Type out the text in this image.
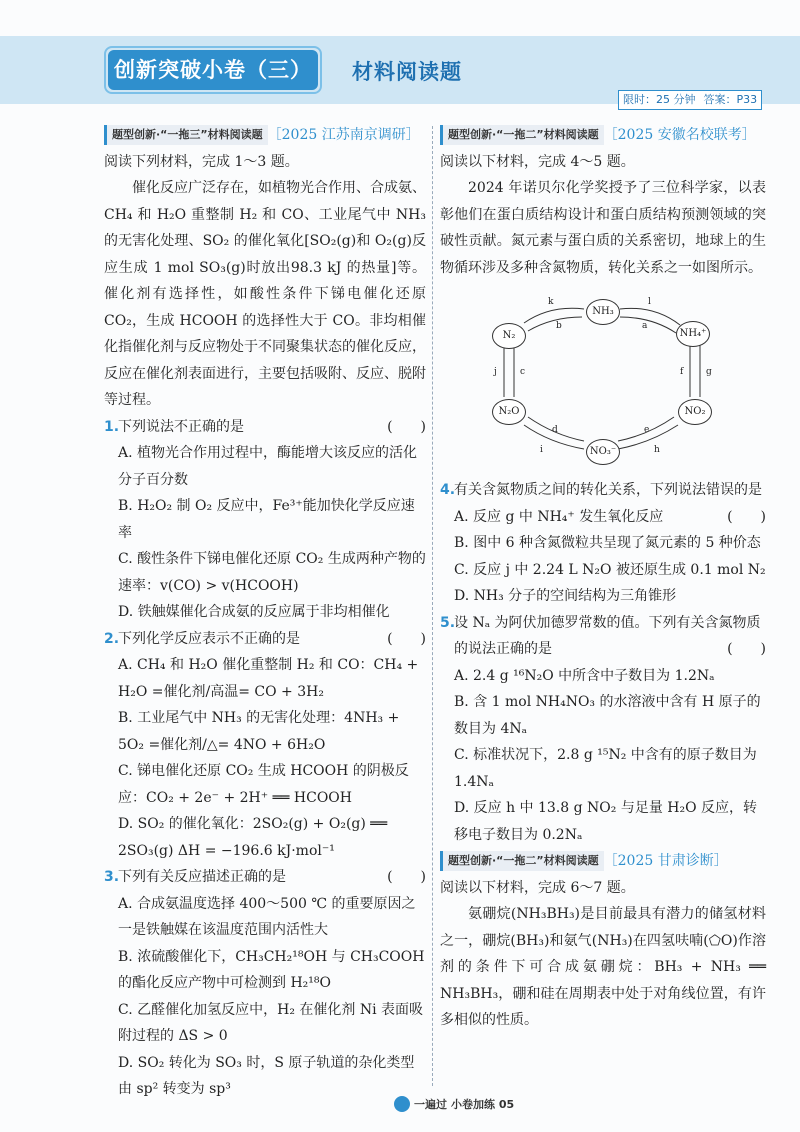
创新突破小卷（三） 材料阅读题
限时：25 分钟 答案：P33
题型创新·“一拖三”材料阅读题 ［2025 江苏南京调研］
阅读下列材料，完成 1～3 题。

催化反应广泛存在，如植物光合作用、合成氨、CH₄ 和 H₂O 重整制 H₂ 和 CO、工业尾气中 NH₃ 的无害化处理、SO₂ 的催化氧化[SO₂(g)和 O₂(g)反应生成 1 mol SO₃(g)时放出98.3 kJ 的热量]等。催化剂有选择性，如酸性条件下锑电催化还原 CO₂，生成 HCOOH 的选择性大于 CO。非均相催化指催化剂与反应物处于不同聚集状态的催化反应，反应在催化剂表面进行，主要包括吸附、反应、脱附等过程。

1.
下列说法不正确的是	(　　)

A. 植物光合作用过程中，酶能增大该反应的活化分子百分数

B. H₂O₂ 制 O₂ 反应中，Fe³⁺能加快化学反应速率

C. 酸性条件下锑电催化还原 CO₂ 生成两种产物的速率：v(CO) > v(HCOOH)

D. 铁触媒催化合成氨的反应属于非均相催化

2.
下列化学反应表示不正确的是	(　　)

A. CH₄ 和 H₂O 催化重整制 H₂ 和 CO：CH₄ + H₂O =催化剂/高温= CO + 3H₂

B. 工业尾气中 NH₃ 的无害化处理：4NH₃ + 5O₂ =催化剂/△= 4NO + 6H₂O

C. 锑电催化还原 CO₂ 生成 HCOOH 的阴极反应：CO₂ + 2e⁻ + 2H⁺ ══ HCOOH

D. SO₂ 的催化氧化：2SO₂(g) + O₂(g) ══ 2SO₃(g) ΔH = −196.6 kJ·mol⁻¹

3.
下列有关反应描述正确的是	(　　)

A. 合成氨温度选择 400～500 ℃ 的重要原因之一是铁触媒在该温度范围内活性大

B. 浓硫酸催化下，CH₃CH₂¹⁸OH 与 CH₃COOH 的酯化反应产物中可检测到 H₂¹⁸O

C. 乙醛催化加氢反应中，H₂ 在催化剂 Ni 表面吸附过程的 ΔS > 0

D. SO₂ 转化为 SO₃ 时，S 原子轨道的杂化类型由 sp² 转变为 sp³

题型创新·“一拖二”材料阅读题 ［2025 安徽名校联考］
阅读以下材料，完成 4～5 题。

2024 年诺贝尔化学奖授予了三位科学家，以表彰他们在蛋白质结构设计和蛋白质结构预测领域的突破性贡献。氮元素与蛋白质的关系密切，地球上的生物循环涉及多种含氮物质，转化关系之一如图所示。

NH₃
NH₄⁺
NO₂
NO₃⁻
N₂O
N₂
k
b
l
a
j	c	f	g
d
i
e
h
4.
有关含氮物质之间的转化关系，下列说法错误的是
(　　)

A. 反应 g 中 NH₄⁺ 发生氧化反应

B. 图中 6 种含氮微粒共呈现了氮元素的 5 种价态

C. 反应 j 中 2.24 L N₂O 被还原生成 0.1 mol N₂

D. NH₃ 分子的空间结构为三角锥形

5.
设 Nₐ 为阿伏加德罗常数的值。下列有关含氮物质的说法正确的是	(　　)

A. 2.4 g ¹⁶N₂O 中所含中子数目为 1.2Nₐ

B. 含 1 mol NH₄NO₃ 的水溶液中含有 H 原子的数目为 4Nₐ

C. 标准状况下，2.8 g ¹⁵N₂ 中含有的原子数目为 1.4Nₐ

D. 反应 h 中 13.8 g NO₂ 与足量 H₂O 反应，转移电子数目为 0.2Nₐ

题型创新·“一拖二”材料阅读题 ［2025 甘肃诊断］

阅读以下材料，完成 6～7 题。

氨硼烷(NH₃BH₃)是目前最具有潜力的储氢材料之一，硼烷(BH₃)和氨气(NH₃)在四氢呋喃(⬠O)作溶剂的条件下可合成氨硼烷：BH₃ + NH₃ ══ NH₃BH₃，硼和硅在周期表中处于对角线位置，有许多相似的性质。

一遍过 小卷加练 05
